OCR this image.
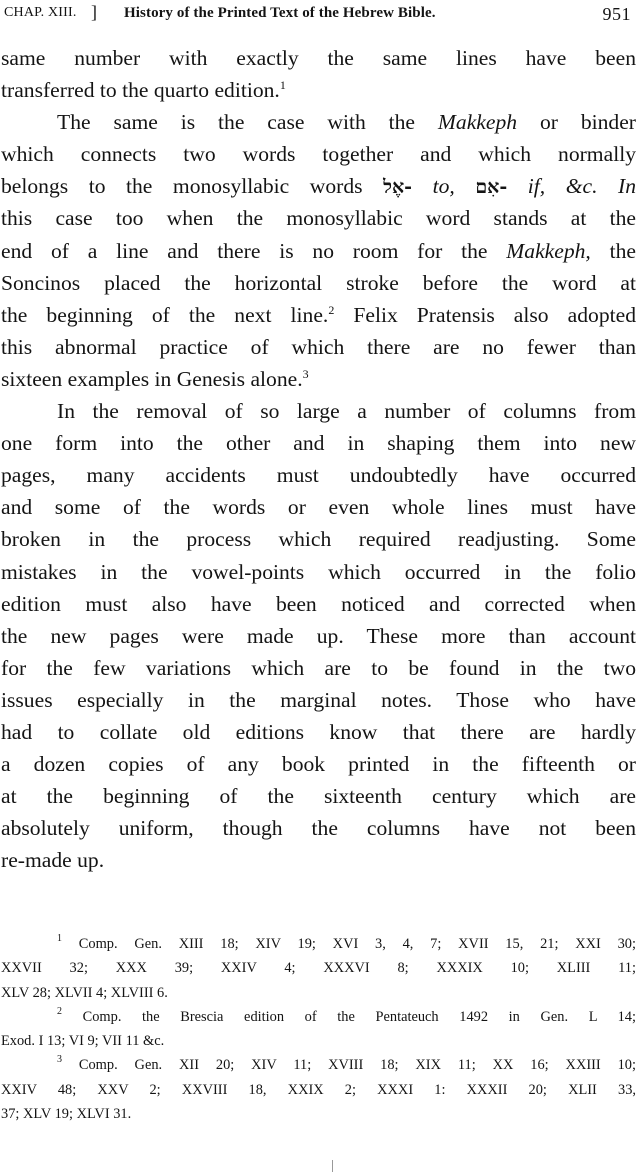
CHAP. XIII. ] History of the Printed Text of the Hebrew Bible.	951
same number with exactly the same lines have been
transferred to the quarto edition.$^1$
The same is the case with the Makkeph or binder
which connects two words together and which normally
belongs to the monosyllabic words ‑אֶל to, ‑אִם if, &c. In
this case too when the monosyllabic word stands at the
end of a line and there is no room for the Makkeph, the
Soncinos placed the horizontal stroke before the word at
the beginning of the next line.$^2$ Felix Pratensis also adopted
this abnormal practice of which there are no fewer than
sixteen examples in Genesis alone.$^3$
In the removal of so large a number of columns from
one form into the other and in shaping them into new
pages, many accidents must undoubtedly have occurred
and some of the words or even whole lines must have
broken in the process which required readjusting. Some
mistakes in the vowel-points which occurred in the folio
edition must also have been noticed and corrected when
the new pages were made up. These more than account
for the few variations which are to be found in the two
issues especially in the marginal notes. Those who have
had to collate old editions know that there are hardly
a dozen copies of any book printed in the fifteenth or
at the beginning of the sixteenth century which are
absolutely uniform, though the columns have not been
re-made up.
$^1$ Comp. Gen. XIII 18; XIV 19; XVI 3, 4, 7; XVII 15, 21; XXI 30;
XXVII 32; XXX 39; XXIV 4; XXXVI 8; XXXIX 10; XLIII 11;
XLV 28; XLVII 4; XLVIII 6.
$^2$ Comp. the Brescia edition of the Pentateuch 1492 in Gen. L 14;
Exod. I 13; VI 9; VII 11 &c.
$^3$ Comp. Gen. XII 20; XIV 11; XVIII 18; XIX 11; XX 16; XXIII 10;
XXIV 48; XXV 2; XXVIII 18, XXIX 2; XXXI 1: XXXII 20; XLII 33,
37; XLV 19; XLVI 31.
